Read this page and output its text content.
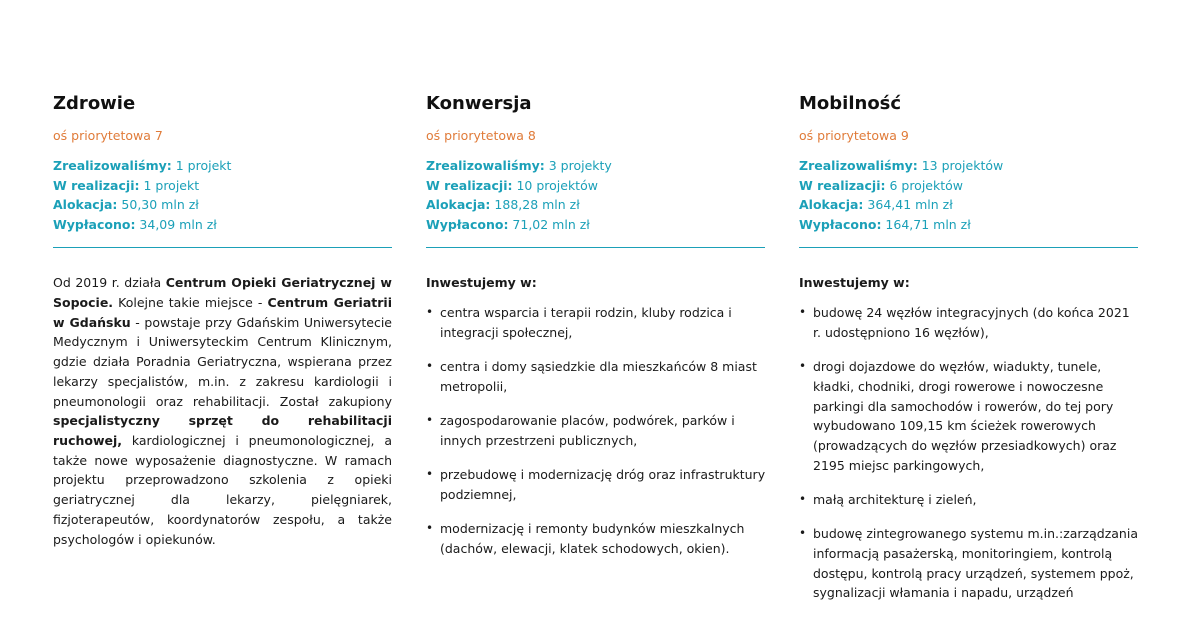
Zdrowie
oś priorytetowa 7
Zrealizowaliśmy: 1 projekt
W realizacji: 1 projekt
Alokacja: 50,30 mln zł
Wypłacono: 34,09 mln zł
Od 2019 r. działa Centrum Opieki Geriatrycznej w Sopocie. Kolejne takie miejsce - Centrum Geriatrii w Gdańsku - powstaje przy Gdańskim Uniwersytecie Medycznym i Uniwersyteckim Centrum Klinicznym, gdzie działa Poradnia Geriatryczna, wspierana przez lekarzy specjalistów, m.in. z zakresu kardiologii i pneumonologii oraz rehabilitacji. Został zakupiony specjalistyczny sprzęt do rehabilitacji ruchowej, kardiologicznej i pneumonologicznej, a także nowe wyposażenie diagnostyczne. W ramach projektu przeprowadzono szkolenia z opieki geriatrycznej dla lekarzy, pielęgniarek, fizjoterapeutów, koordynatorów zespołu, a także psychologów i opiekunów.
Konwersja
oś priorytetowa 8
Zrealizowaliśmy: 3 projekty
W realizacji: 10 projektów
Alokacja: 188,28 mln zł
Wypłacono: 71,02 mln zł
Inwestujemy w:
• centra wsparcia i terapii rodzin, kluby rodzica i integracji społecznej,
• centra i domy sąsiedzkie dla mieszkańców 8 miast metropolii,
• zagospodarowanie placów, podwórek, parków i innych przestrzeni publicznych,
• przebudowę i modernizację dróg oraz infrastruktury podziemnej,
• modernizację i remonty budynków mieszkalnych (dachów, elewacji, klatek schodowych, okien).
Mobilność
oś priorytetowa 9
Zrealizowaliśmy: 13 projektów
W realizacji: 6 projektów
Alokacja: 364,41 mln zł
Wypłacono: 164,71 mln zł
Inwestujemy w:
• budowę 24 węzłów integracyjnych (do końca 2021 r. udostępniono 16 węzłów),
• drogi dojazdowe do węzłów, wiadukty, tunele, kładki, chodniki, drogi rowerowe i nowoczesne parkingi dla samochodów i rowerów, do tej pory wybudowano 109,15 km ścieżek rowerowych (prowadzących do węzłów przesiadkowych) oraz 2195 miejsc parkingowych,
• małą architekturę i zieleń,
• budowę zintegrowanego systemu m.in.:zarządzania informacją pasażerską, monitoringiem, kontrolą dostępu, kontrolą pracy urządzeń, systemem ppoż, sygnalizacji włamania i napadu, urządzeń
